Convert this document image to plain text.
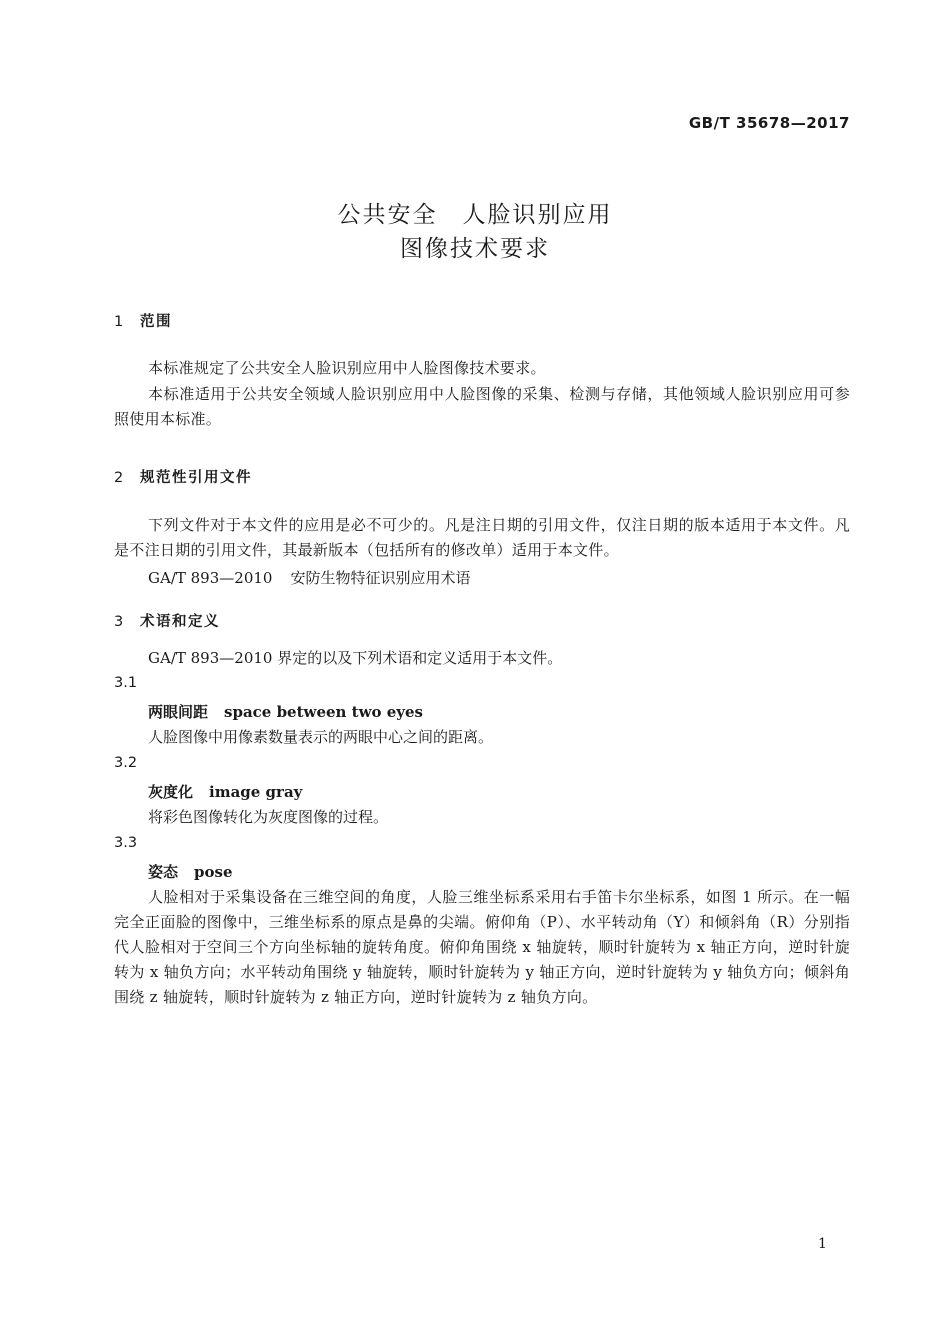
GB/T 35678—2017
公共安全　人脸识别应用
图像技术要求
1 范围
本标准规定了公共安全人脸识别应用中人脸图像技术要求。
本标准适用于公共安全领域人脸识别应用中人脸图像的采集、检测与存储，其他领域人脸识别应用可参照使用本标准。
2 规范性引用文件
下列文件对于本文件的应用是必不可少的。凡是注日期的引用文件，仅注日期的版本适用于本文件。凡是不注日期的引用文件，其最新版本（包括所有的修改单）适用于本文件。
GA/T 893—2010 安防生物特征识别应用术语
3 术语和定义
GA/T 893—2010 界定的以及下列术语和定义适用于本文件。
3.1
两眼间距 space between two eyes
人脸图像中用像素数量表示的两眼中心之间的距离。
3.2
灰度化 image gray
将彩色图像转化为灰度图像的过程。
3.3
姿态 pose
人脸相对于采集设备在三维空间的角度，人脸三维坐标系采用右手笛卡尔坐标系，如图 1 所示。在一幅完全正面脸的图像中，三维坐标系的原点是鼻的尖端。俯仰角（P）、水平转动角（Y）和倾斜角（R）分别指代人脸相对于空间三个方向坐标轴的旋转角度。俯仰角围绕 x 轴旋转，顺时针旋转为 x 轴正方向，逆时针旋转为 x 轴负方向；水平转动角围绕 y 轴旋转，顺时针旋转为 y 轴正方向，逆时针旋转为 y 轴负方向；倾斜角围绕 z 轴旋转，顺时针旋转为 z 轴正方向，逆时针旋转为 z 轴负方向。
1
